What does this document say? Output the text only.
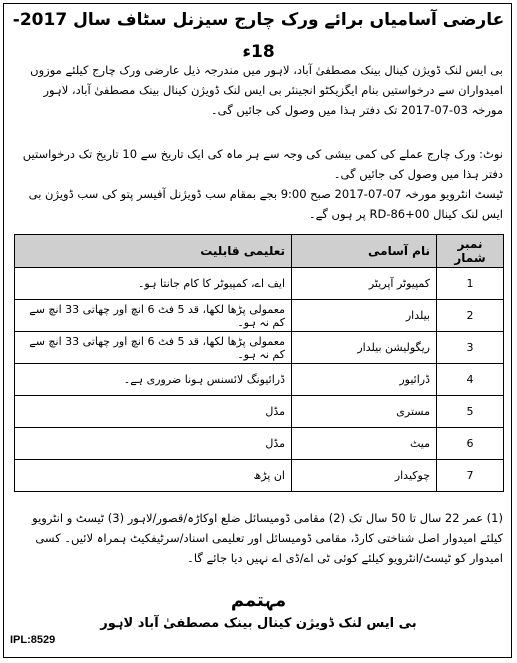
عارضی آسامیاں برائے ورک چارج سیزنل سٹاف سال 2017-18ء
بی ایس لنک ڈویژن کینال بینک مصطفیٰ آباد، لاہور میں مندرجہ ذیل عارضی ورک چارج کیلئے موزوں امیدواران سے درخواستیں بنام ایگزیکٹو انجینئر بی ایس لنک ڈویژن کینال بینک مصطفیٰ آباد، لاہور مورخہ 03-07-2017 تک دفتر ہذا میں وصول کی جائیں گی۔
نوٹ: ورک چارج عملے کی کمی بیشی کی وجہ سے ہر ماہ کی ایک تاریخ سے 10 تاریخ تک درخواستیں دفتر ہذا میں وصول کی جائیں گی۔
ٹیسٹ انٹرویو مورخہ 07-07-2017 صبح 9:00 بجے بمقام سب ڈویژنل آفیسر پتو کی سب ڈویژن بی ایس لنک کینال 00+RD-86 پر ہوں گے۔
نمبر شمار	نام آسامی	تعلیمی قابلیت
1	کمپیوٹر آپریٹر	ایف اے، کمپیوٹر کا کام جانتا ہو۔
2	بیلدار	معمولی پڑھا لکھا، قد 5 فٹ 6 انچ اور چھاتی 33 انچ سے کم نہ ہو۔
3	ریگولیشن بیلدار	معمولی پڑھا لکھا، قد 5 فٹ 6 انچ اور چھاتی 33 انچ سے کم نہ ہو۔
4	ڈرائیور	ڈرائیونگ لائسنس ہونا ضروری ہے۔
5	مستری	مڈل
6	میٹ	مڈل
7	چوکیدار	ان پڑھ
(1) عمر 22 سال تا 50 سال تک (2) مقامی ڈومیسائل ضلع اوکاڑہ/قصور/لاہور (3) ٹیسٹ و انٹرویو کیلئے امیدوار اصل شناختی کارڈ، مقامی ڈومیسائل اور تعلیمی اسناد/سرٹیفکیٹ ہمراہ لائیں۔ کسی امیدوار کو ٹیسٹ/انٹرویو کیلئے کوئی ٹی اے/ڈی اے نہیں دیا جائے گا۔
مہتمم
بی ایس لنک ڈویژن کینال بینک مصطفیٰ آباد لاہور
IPL:8529
